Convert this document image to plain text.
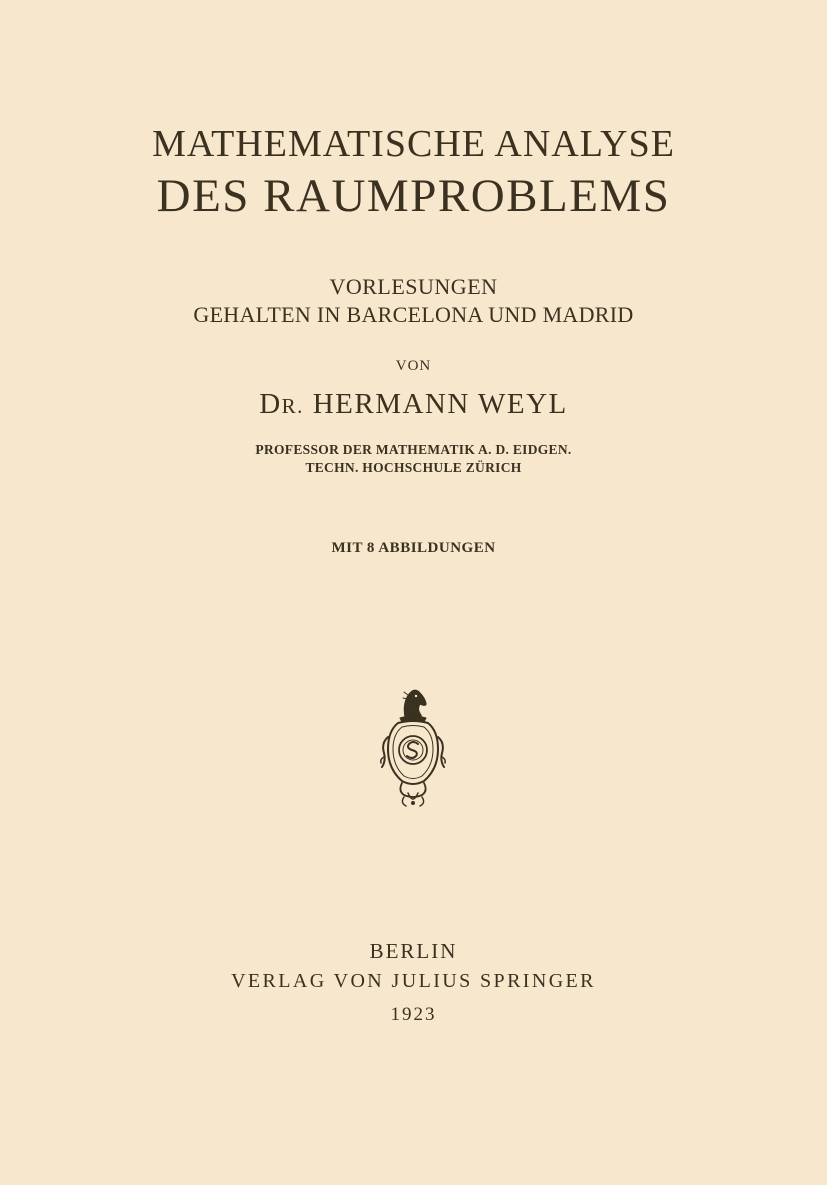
MATHEMATISCHE ANALYSE
DES RAUMPROBLEMS
VORLESUNGEN
GEHALTEN IN BARCELONA UND MADRID
VON
DR. HERMANN WEYL
PROFESSOR DER MATHEMATIK A. D. EIDGEN.
TECHN. HOCHSCHULE ZÜRICH
MIT 8 ABBILDUNGEN
BERLIN
VERLAG VON JULIUS SPRINGER
1923
